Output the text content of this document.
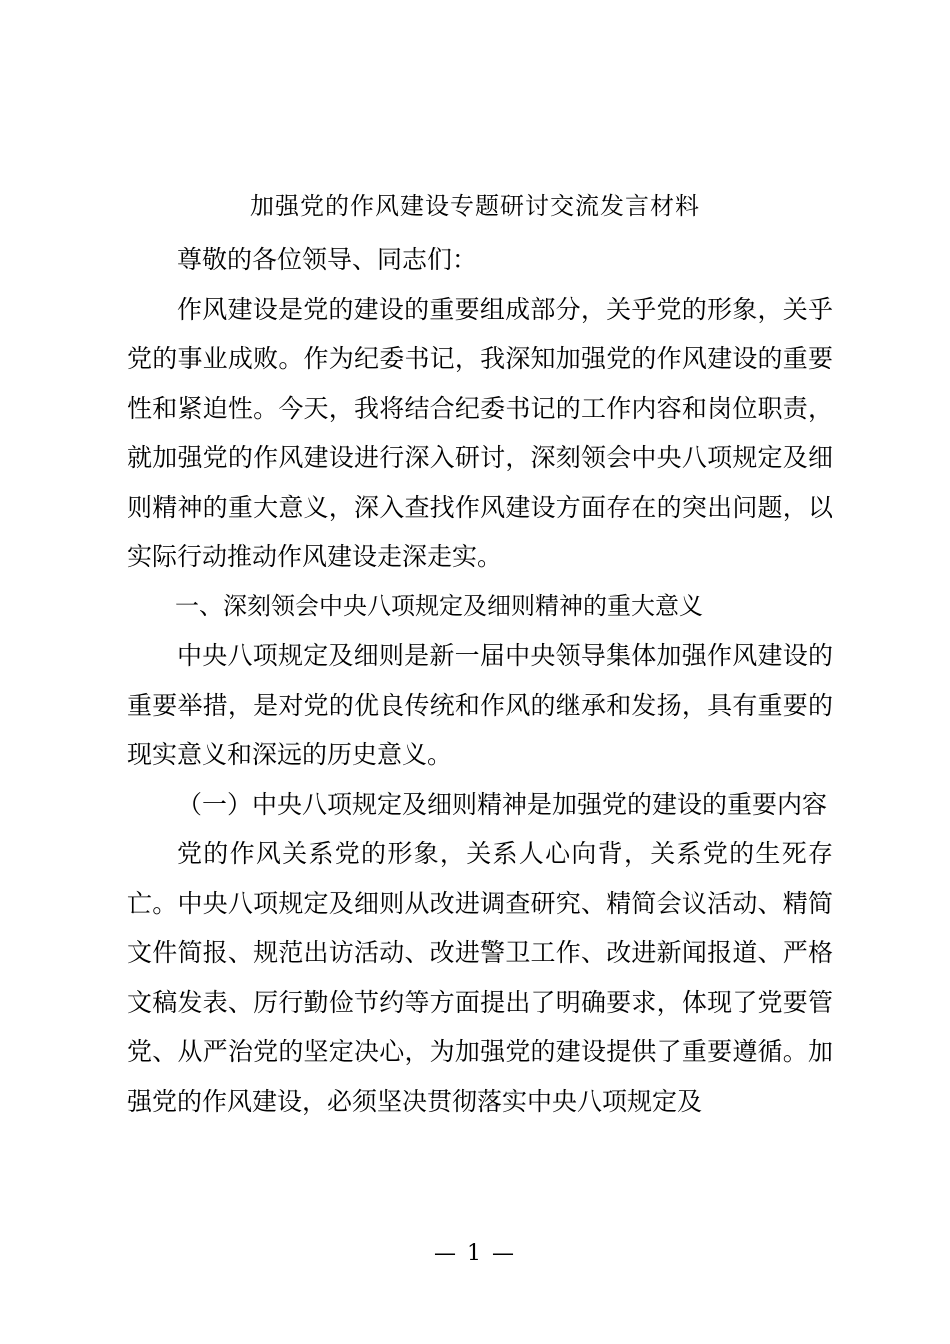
加强党的作风建设专题研讨交流发言材料

尊敬的各位领导、同志们：

作风建设是党的建设的重要组成部分，关乎党的形象，关乎党的事业成败。作为纪委书记，我深知加强党的作风建设的重要性和紧迫性。今天，我将结合纪委书记的工作内容和岗位职责，就加强党的作风建设进行深入研讨，深刻领会中央八项规定及细则精神的重大意义，深入查找作风建设方面存在的突出问题，以实际行动推动作风建设走深走实。

一、深刻领会中央八项规定及细则精神的重大意义

中央八项规定及细则是新一届中央领导集体加强作风建设的重要举措，是对党的优良传统和作风的继承和发扬，具有重要的现实意义和深远的历史意义。

（一）中央八项规定及细则精神是加强党的建设的重要内容

党的作风关系党的形象，关系人心向背，关系党的生死存亡。中央八项规定及细则从改进调查研究、精简会议活动、精简文件简报、规范出访活动、改进警卫工作、改进新闻报道、严格文稿发表、厉行勤俭节约等方面提出了明确要求，体现了党要管党、从严治党的坚定决心，为加强党的建设提供了重要遵循。加强党的作风建设，必须坚决贯彻落实中央八项规定及

— 1 —
